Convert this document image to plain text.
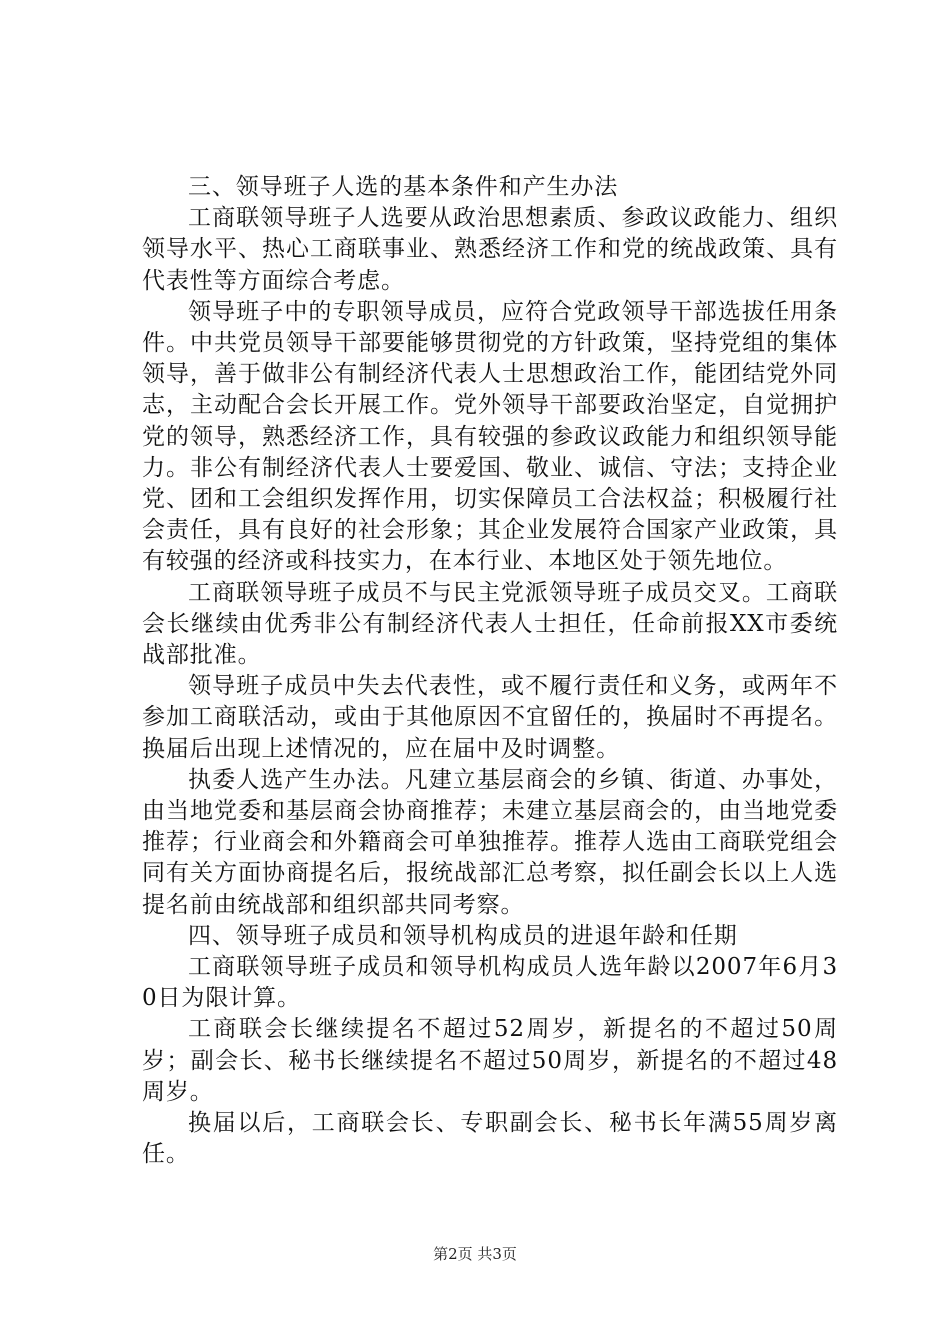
三、领导班子人选的基本条件和产生办法

工商联领导班子人选要从政治思想素质、参政议政能力、组织领导水平、热心工商联事业、熟悉经济工作和党的统战政策、具有代表性等方面综合考虑。

领导班子中的专职领导成员，应符合党政领导干部选拔任用条件。中共党员领导干部要能够贯彻党的方针政策，坚持党组的集体领导，善于做非公有制经济代表人士思想政治工作，能团结党外同志，主动配合会长开展工作。党外领导干部要政治坚定，自觉拥护党的领导，熟悉经济工作，具有较强的参政议政能力和组织领导能力。非公有制经济代表人士要爱国、敬业、诚信、守法；支持企业党、团和工会组织发挥作用，切实保障员工合法权益；积极履行社会责任，具有良好的社会形象；其企业发展符合国家产业政策，具有较强的经济或科技实力，在本行业、本地区处于领先地位。

工商联领导班子成员不与民主党派领导班子成员交叉。工商联会长继续由优秀非公有制经济代表人士担任，任命前报XX市委统战部批准。

领导班子成员中失去代表性，或不履行责任和义务，或两年不参加工商联活动，或由于其他原因不宜留任的，换届时不再提名。换届后出现上述情况的，应在届中及时调整。

执委人选产生办法。凡建立基层商会的乡镇、街道、办事处，由当地党委和基层商会协商推荐；未建立基层商会的，由当地党委推荐；行业商会和外籍商会可单独推荐。推荐人选由工商联党组会同有关方面协商提名后，报统战部汇总考察，拟任副会长以上人选提名前由统战部和组织部共同考察。

四、领导班子成员和领导机构成员的进退年龄和任期

工商联领导班子成员和领导机构成员人选年龄以2007年6月30日为限计算。

工商联会长继续提名不超过52周岁，新提名的不超过50周岁；副会长、秘书长继续提名不超过50周岁，新提名的不超过48周岁。

换届以后，工商联会长、专职副会长、秘书长年满55周岁离任。

第2页 共3页
